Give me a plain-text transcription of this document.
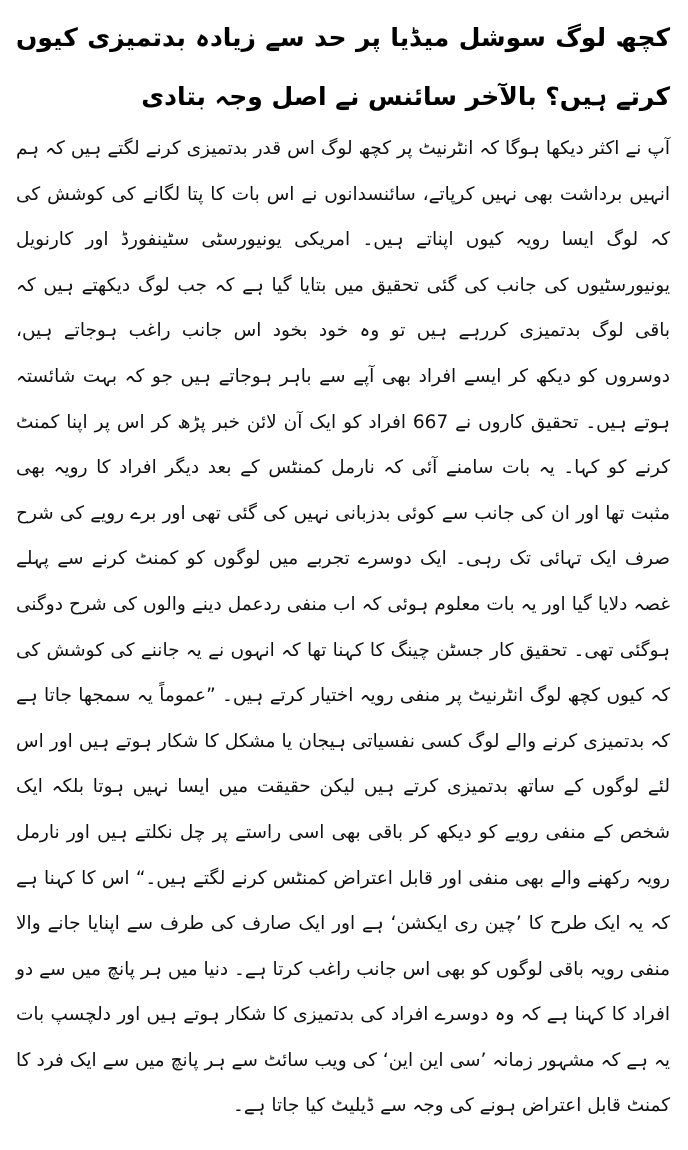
کچھ لوگ سوشل میڈیا پر حد سے زیادہ بدتمیزی کیوں کرتے ہیں؟ بالآخر سائنس نے اصل وجہ بتادی

آپ نے اکثر دیکھا ہوگا کہ انٹرنیٹ پر کچھ لوگ اس قدر بدتمیزی کرنے لگتے ہیں کہ ہم انہیں برداشت بھی نہیں کرپاتے، سائنسدانوں نے اس بات کا پتا لگانے کی کوشش کی کہ لوگ ایسا رویہ کیوں اپناتے ہیں۔ امریکی یونیورسٹی سٹینفورڈ اور کارنویل یونیورسٹیوں کی جانب کی گئی تحقیق میں بتایا گیا ہے کہ جب لوگ دیکھتے ہیں کہ باقی لوگ بدتمیزی کررہے ہیں تو وہ خود بخود اس جانب راغب ہوجاتے ہیں، دوسروں کو دیکھ کر ایسے افراد بھی آپے سے باہر ہوجاتے ہیں جو کہ بہت شائستہ ہوتے ہیں۔ تحقیق کاروں نے 667 افراد کو ایک آن لائن خبر پڑھ کر اس پر اپنا کمنٹ کرنے کو کہا۔ یہ بات سامنے آئی کہ نارمل کمنٹس کے بعد دیگر افراد کا رویہ بھی مثبت تھا اور ان کی جانب سے کوئی بدزبانی نہیں کی گئی تھی اور برے رویے کی شرح صرف ایک تہائی تک رہی۔ ایک دوسرے تجربے میں لوگوں کو کمنٹ کرنے سے پہلے غصہ دلایا گیا اور یہ بات معلوم ہوئی کہ اب منفی ردعمل دینے والوں کی شرح دوگنی ہوگئی تھی۔ تحقیق کار جسٹن چینگ کا کہنا تھا کہ انہوں نے یہ جاننے کی کوشش کی کہ کیوں کچھ لوگ انٹرنیٹ پر منفی رویہ اختیار کرتے ہیں۔ ”عموماً یہ سمجھا جاتا ہے کہ بدتمیزی کرنے والے لوگ کسی نفسیاتی ہیجان یا مشکل کا شکار ہوتے ہیں اور اس لئے لوگوں کے ساتھ بدتمیزی کرتے ہیں لیکن حقیقت میں ایسا نہیں ہوتا بلکہ ایک شخص کے منفی رویے کو دیکھ کر باقی بھی اسی راستے پر چل نکلتے ہیں اور نارمل رویہ رکھنے والے بھی منفی اور قابل اعتراض کمنٹس کرنے لگتے ہیں۔“ اس کا کہنا ہے کہ یہ ایک طرح کا ’چین ری ایکشن‘ ہے اور ایک صارف کی طرف سے اپنایا جانے والا منفی رویہ باقی لوگوں کو بھی اس جانب راغب کرتا ہے۔ دنیا میں ہر پانچ میں سے دو افراد کا کہنا ہے کہ وہ دوسرے افراد کی بدتمیزی کا شکار ہوتے ہیں اور دلچسپ بات یہ ہے کہ مشہور زمانہ ’سی این این‘ کی ویب سائٹ سے ہر پانچ میں سے ایک فرد کا کمنٹ قابل اعتراض ہونے کی وجہ سے ڈیلیٹ کیا جاتا ہے۔
